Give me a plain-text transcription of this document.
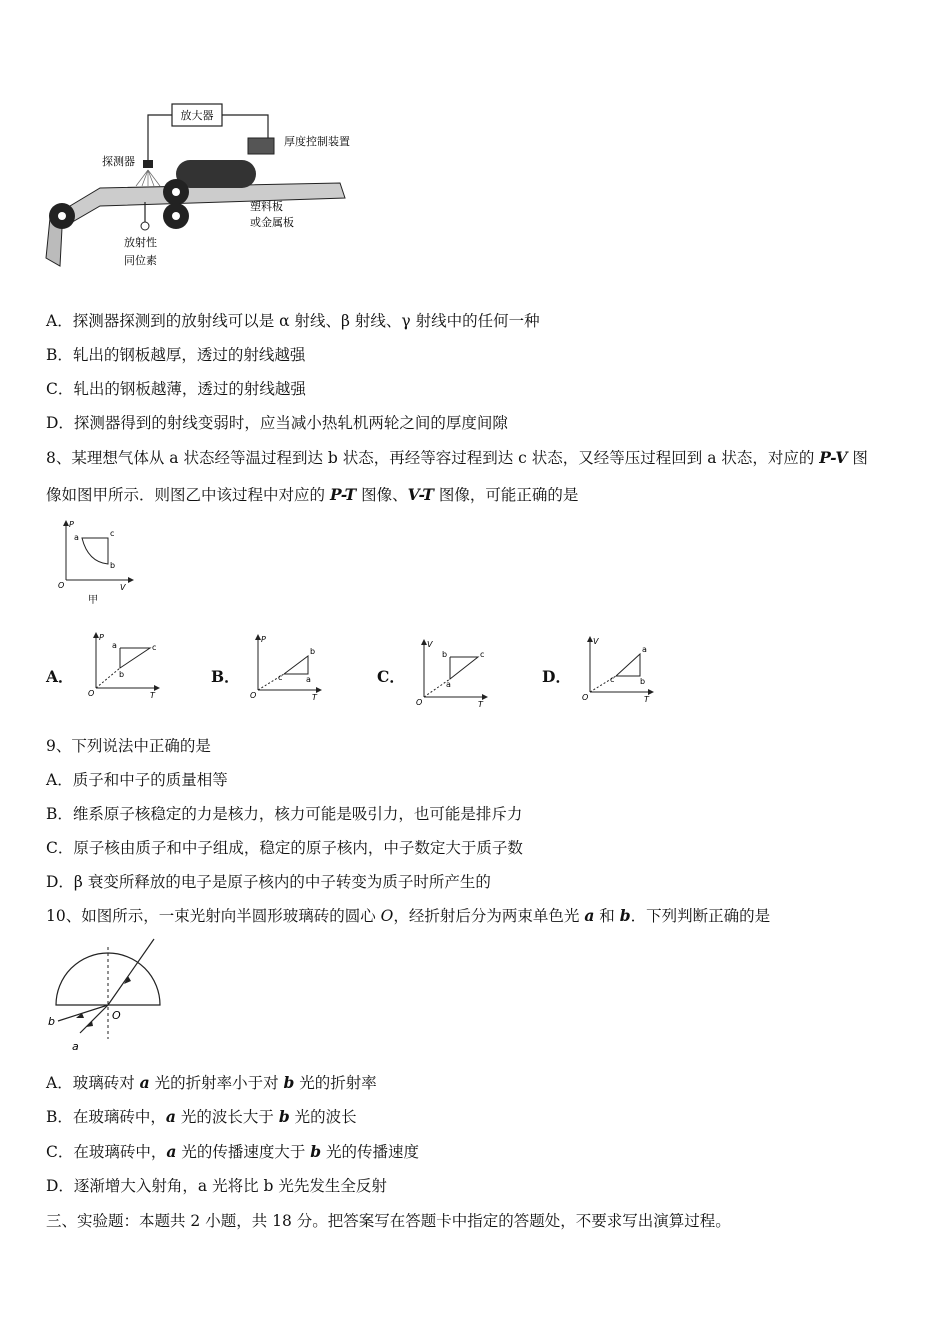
放大器
厚度控制装置
探测器
塑料板
或金属板
放射性
同位素
A．探测器探测到的放射线可以是 α 射线、β 射线、γ 射线中的任何一种
B．轧出的钢板越厚，透过的射线越强
C．轧出的钢板越薄，透过的射线越强
D．探测器得到的射线变弱时，应当减小热轧机两轮之间的厚度间隙
8、某理想气体从 a 状态经等温过程到达 b 状态，再经等容过程到达 c 状态，又经等压过程回到 a 状态，对应的 P-V 图
像如图甲所示．则图乙中该过程中对应的 P-T 图像、V-T 图像，可能正确的是
P
V
O
a	c
b
甲
A．
P
T
O
a	c
b	B．
P
T
O
b
c	a	C．
V
T
O
b	c
a	D．
V
T
O
a
c	b
9、下列说法中正确的是
A．质子和中子的质量相等
B．维系原子核稳定的力是核力，核力可能是吸引力，也可能是排斥力
C．原子核由质子和中子组成，稳定的原子核内，中子数定大于质子数
D．β 衰变所释放的电子是原子核内的中子转变为质子时所产生的
10、如图所示，一束光射向半圆形玻璃砖的圆心 O，经折射后分为两束单色光 a 和 b．下列判断正确的是
O
b
a
A．玻璃砖对 a 光的折射率小于对 b 光的折射率
B．在玻璃砖中，a 光的波长大于 b 光的波长
C．在玻璃砖中，a 光的传播速度大于 b 光的传播速度
D．逐渐增大入射角，a 光将比 b 光先发生全反射
三、实验题：本题共 2 小题，共 18 分。把答案写在答题卡中指定的答题处，不要求写出演算过程。
